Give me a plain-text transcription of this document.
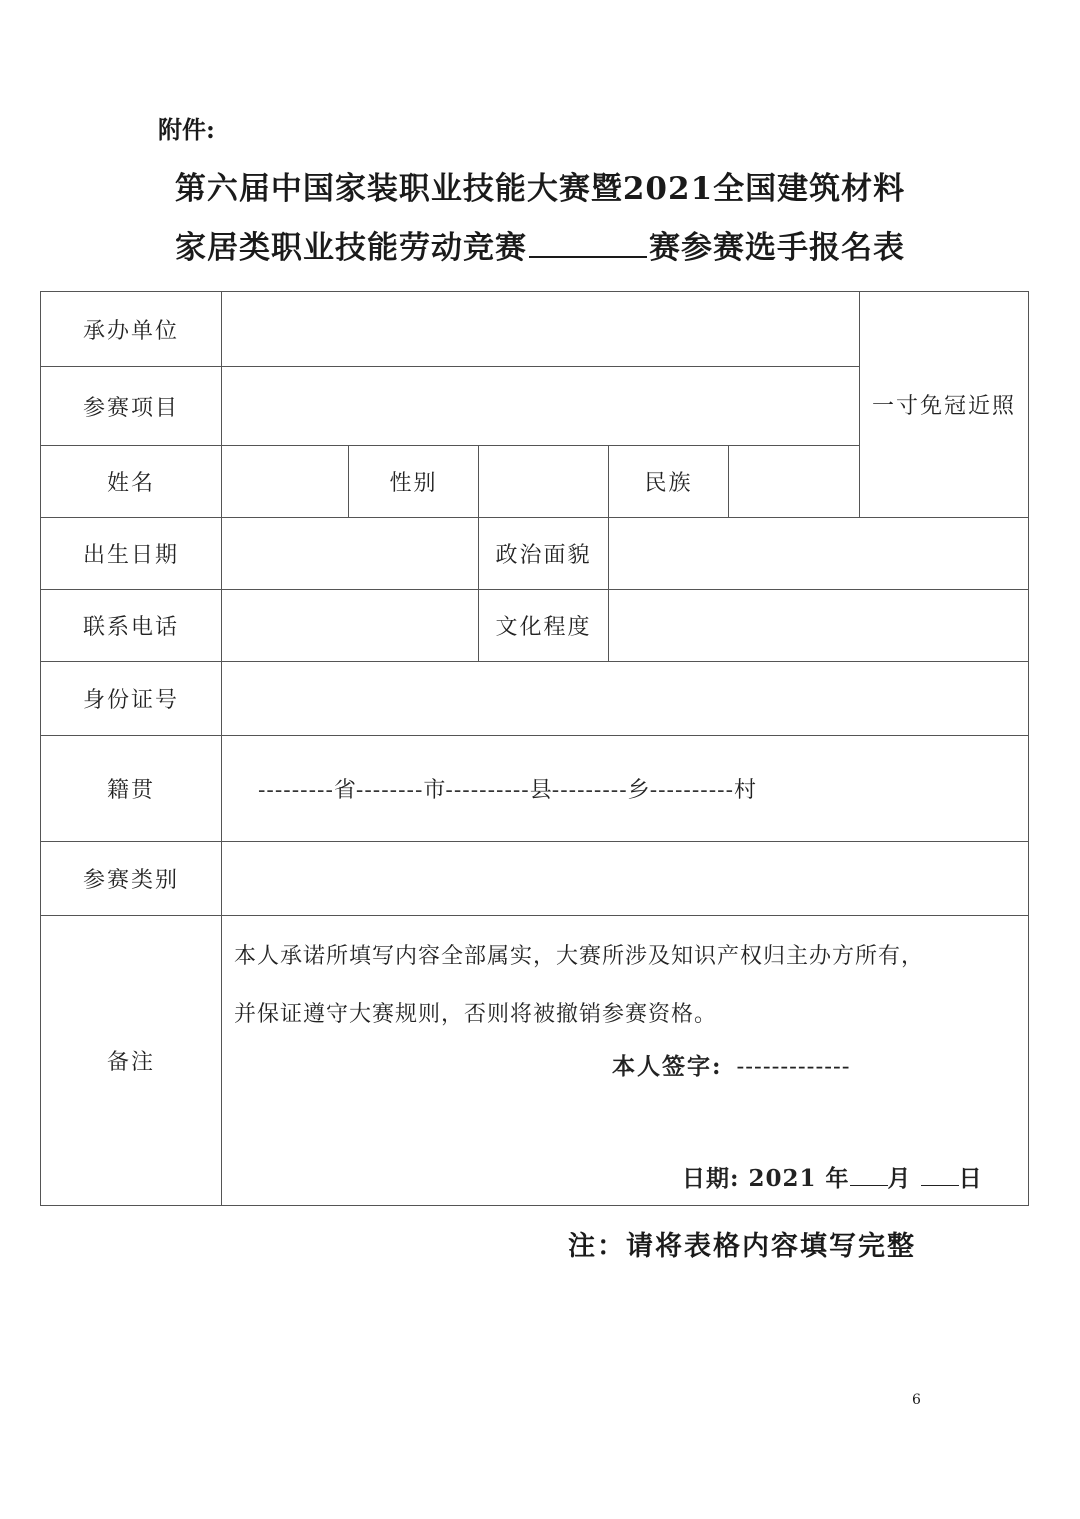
附件:
第六届中国家装职业技能大赛暨2021全国建筑材料
家居类职业技能劳动竞赛	赛参赛选手报名表
承办单位						一寸免冠近照
参赛项目						
姓名		性别		民族		
出生日期			政治面貌			
联系电话			文化程度			
身份证号						
籍贯	---------省--------市----------县---------乡----------村					
参赛类别						
备注	本人承诺所填写内容全部属实，大赛所涉及知识产权归主办方所有，
并保证遵守大赛规则，否则将被撤销参赛资格。
本人签字: -------------
日期: 2021 年 月 日					
注：请将表格内容填写完整
6
